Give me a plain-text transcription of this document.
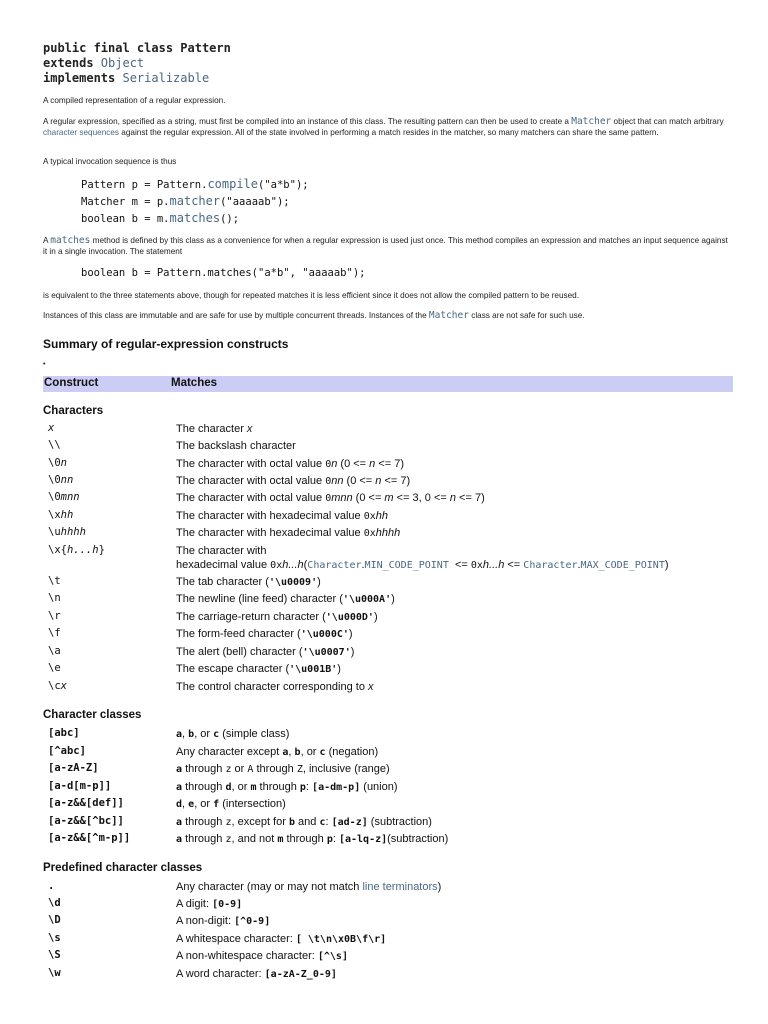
public final class Pattern

extends Object

implements Serializable

A compiled representation of a regular expression.

A regular expression, specified as a string, must first be compiled into an instance of this class. The resulting pattern can then be used to create a Matcher object that can match arbitrary character sequences against the regular expression. All of the state involved in performing a match resides in the matcher, so many matchers can share the same pattern.

A typical invocation sequence is thus

Pattern p = Pattern.compile("a*b");

Matcher m = p.matcher("aaaaab");

boolean b = m.matches();

A matches method is defined by this class as a convenience for when a regular expression is used just once. This method compiles an expression and matches an input sequence against it in a single invocation. The statement

boolean b = Pattern.matches("a*b", "aaaaab");

is equivalent to the three statements above, though for repeated matches it is less efficient since it does not allow the compiled pattern to be reused.

Instances of this class are immutable and are safe for use by multiple concurrent threads. Instances of the Matcher class are not safe for such use.

Summary of regular-expression constructs

•
Construct	Matches
Characters
x	The character x
\\	The backslash character
\0n	The character with octal value 0n (0 <= n <= 7)
\0nn	The character with octal value 0nn (0 <= n <= 7)
\0mnn	The character with octal value 0mnn (0 <= m <= 3, 0 <= n <= 7)
\xhh	The character with hexadecimal value 0xhh
\uhhhh	The character with hexadecimal value 0xhhhh
\x{h...h}	The character with
hexadecimal value 0xh...h(Character.MIN_CODE_POINT  <= 0xh...h <= Character.MAX_CODE_POINT)
\t	The tab character ('\u0009')
\n	The newline (line feed) character ('\u000A')
\r	The carriage-return character ('\u000D')
\f	The form-feed character ('\u000C')
\a	The alert (bell) character ('\u0007')
\e	The escape character ('\u001B')
\cx	The control character corresponding to x
Character classes
[abc]	a, b, or c (simple class)
[^abc]	Any character except a, b, or c (negation)
[a-zA-Z]	a through z or A through Z, inclusive (range)
[a-d[m-p]]	a through d, or m through p: [a-dm-p] (union)
[a-z&&[def]]	d, e, or f (intersection)
[a-z&&[^bc]]	a through z, except for b and c: [ad-z] (subtraction)
[a-z&&[^m-p]]	a through z, and not m through p: [a-lq-z](subtraction)
Predefined character classes
.	Any character (may or may not match line terminators)
\d	A digit: [0-9]
\D	A non-digit: [^0-9]
\s	A whitespace character: [ \t\n\x0B\f\r]
\S	A non-whitespace character: [^\s]
\w	A word character: [a-zA-Z_0-9]
